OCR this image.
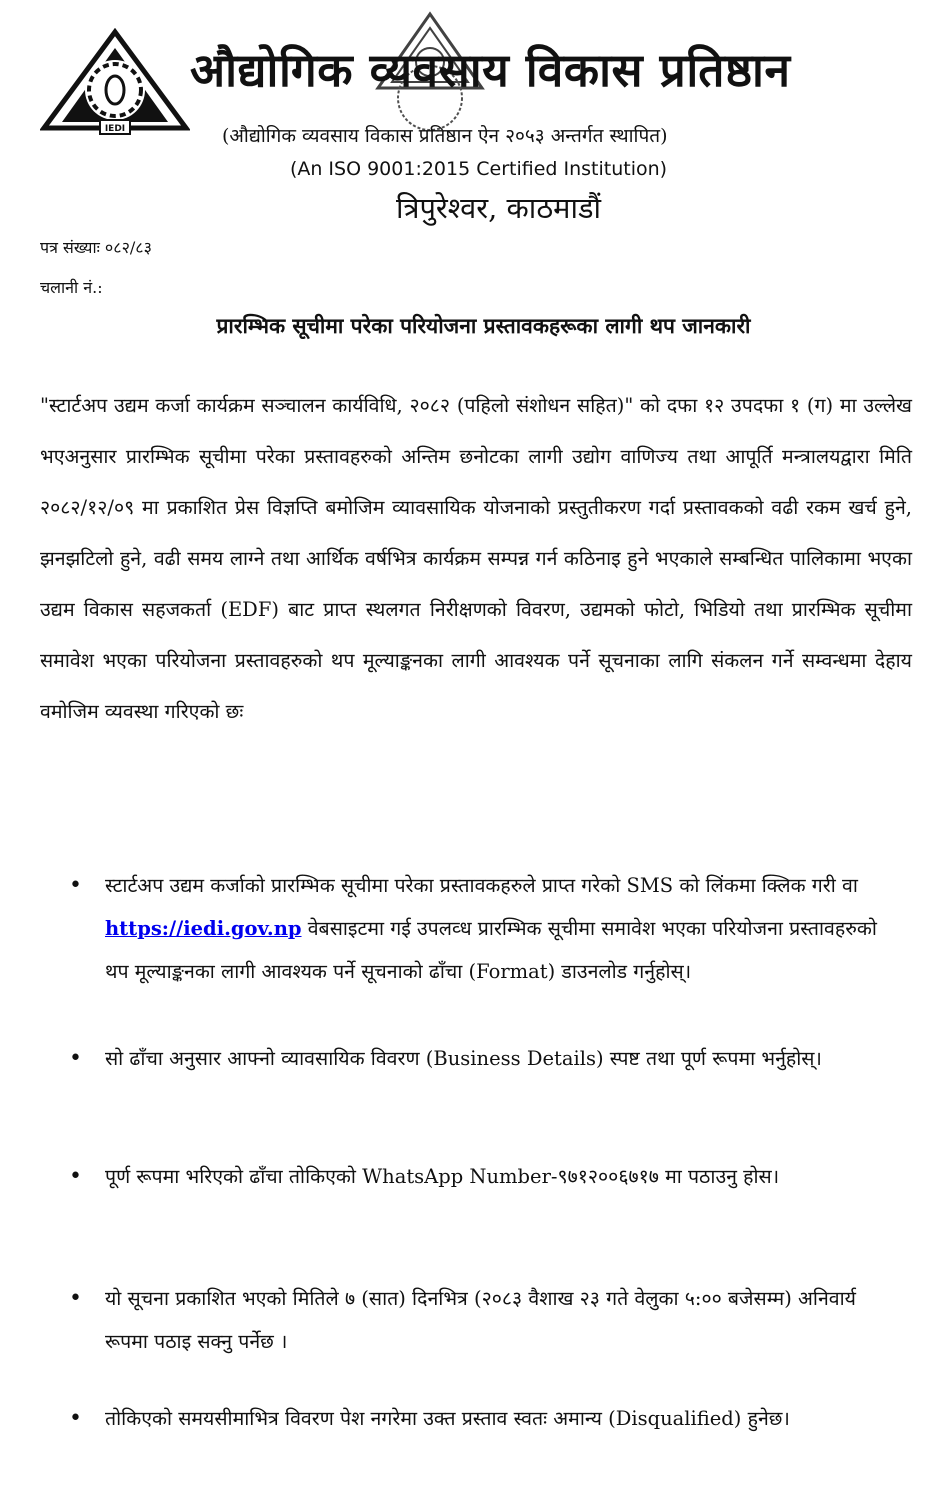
IEDI
औद्योगिक व्यवसाय विकास प्रतिष्ठान
(औद्योगिक व्यवसाय विकास प्रतिष्ठान ऐन २०५३ अन्तर्गत स्थापित)
(An ISO 9001:2015 Certified Institution)
त्रिपुरेश्वर, काठमाडौं
पत्र संख्याः ०८२/८३
चलानी नं.:
प्रारम्भिक सूचीमा परेका परियोजना प्रस्तावकहरूका लागी थप जानकारी
"स्टार्टअप उद्यम कर्जा कार्यक्रम सञ्चालन कार्यविधि, २०८२ (पहिलो संशोधन सहित)" को दफा १२ उपदफा १ (ग) मा उल्लेख भएअनुसार प्रारम्भिक सूचीमा परेका प्रस्तावहरुको अन्तिम छनोटका लागी उद्योग वाणिज्य तथा आपूर्ति मन्त्रालयद्वारा मिति २०८२/१२/०९ मा प्रकाशित प्रेस विज्ञप्ति बमोजिम व्यावसायिक योजनाको प्रस्तुतीकरण गर्दा प्रस्तावकको वढी रकम खर्च हुने, झनझटिलो हुने, वढी समय लाग्ने तथा आर्थिक वर्षभित्र कार्यक्रम सम्पन्न गर्न कठिनाइ हुने भएकाले सम्बन्धित पालिकामा भएका उद्यम विकास सहजकर्ता (EDF) बाट प्राप्त स्थलगत निरीक्षणको विवरण, उद्यमको फोटो, भिडियो तथा प्रारम्भिक सूचीमा समावेश भएका परियोजना प्रस्तावहरुको थप मूल्याङ्कनका लागी आवश्यक पर्ने सूचनाका लागि संकलन गर्ने सम्वन्धमा देहाय वमोजिम व्यवस्था गरिएको छः
• स्टार्टअप उद्यम कर्जाको प्रारम्भिक सूचीमा परेका प्रस्तावकहरुले प्राप्त गरेको SMS को लिंकमा क्लिक गरी वा https://iedi.gov.np वेबसाइटमा गई उपलव्ध प्रारम्भिक सूचीमा समावेश भएका परियोजना प्रस्तावहरुको थप मूल्याङ्कनका लागी आवश्यक पर्ने सूचनाको ढाँचा (Format) डाउनलोड गर्नुहोस्।
• सो ढाँचा अनुसार आफ्नो व्यावसायिक विवरण (Business Details) स्पष्ट तथा पूर्ण रूपमा भर्नुहोस्।
• पूर्ण रूपमा भरिएको ढाँचा तोकिएको WhatsApp Number-९७१२००६७१७ मा पठाउनु होस।
• यो सूचना प्रकाशित भएको मितिले ७ (सात) दिनभित्र (२०८३ वैशाख २३ गते वेलुका ५:०० बजेसम्म) अनिवार्य रूपमा पठाइ सक्नु पर्नेछ ।
• तोकिएको समयसीमाभित्र विवरण पेश नगरेमा उक्त प्रस्ताव स्वतः अमान्य (Disqualified) हुनेछ।
